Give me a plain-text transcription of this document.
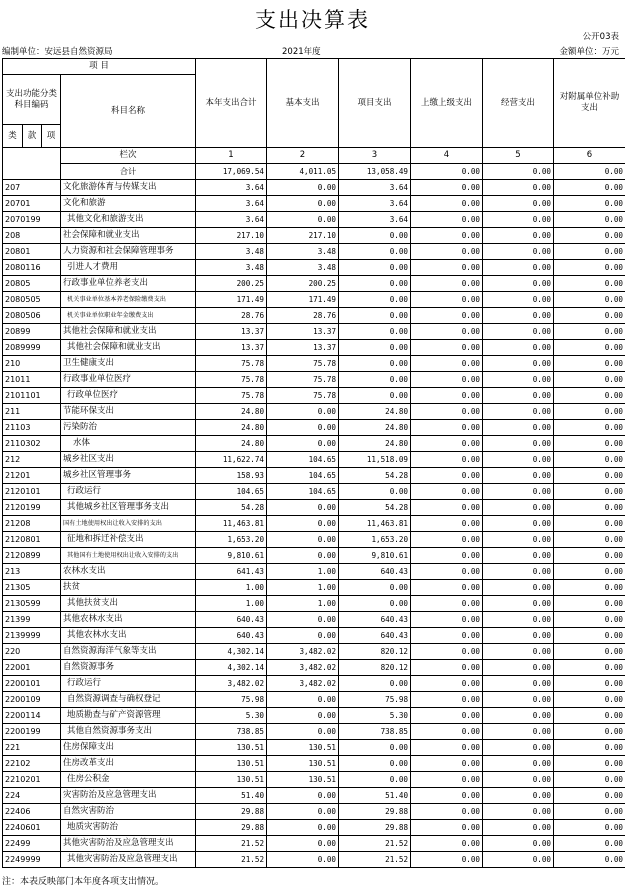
支出决算表
公开03表
编制单位：安远县自然资源局	2021年度	金额单位：万元
项 目				本年支出合计	基本支出	项目支出	上缴上级支出	经营支出	对附属单位补助支出
支出功能分类科目编码			科目名称						
类	款	项							
			栏次	1	2	3	4	5	6
			合计	17,069.54	4,011.05	13,058.49	0.00	0.00	0.00
207			文化旅游体育与传媒支出	3.64	0.00	3.64	0.00	0.00	0.00
20701			文化和旅游	3.64	0.00	3.64	0.00	0.00	0.00
2070199			其他文化和旅游支出	3.64	0.00	3.64	0.00	0.00	0.00
208			社会保障和就业支出	217.10	217.10	0.00	0.00	0.00	0.00
20801			人力资源和社会保障管理事务	3.48	3.48	0.00	0.00	0.00	0.00
2080116			引进人才费用	3.48	3.48	0.00	0.00	0.00	0.00
20805			行政事业单位养老支出	200.25	200.25	0.00	0.00	0.00	0.00
2080505			机关事业单位基本养老保险缴费支出	171.49	171.49	0.00	0.00	0.00	0.00
2080506			机关事业单位职业年金缴费支出	28.76	28.76	0.00	0.00	0.00	0.00
20899			其他社会保障和就业支出	13.37	13.37	0.00	0.00	0.00	0.00
2089999			其他社会保障和就业支出	13.37	13.37	0.00	0.00	0.00	0.00
210			卫生健康支出	75.78	75.78	0.00	0.00	0.00	0.00
21011			行政事业单位医疗	75.78	75.78	0.00	0.00	0.00	0.00
2101101			行政单位医疗	75.78	75.78	0.00	0.00	0.00	0.00
211			节能环保支出	24.80	0.00	24.80	0.00	0.00	0.00
21103			污染防治	24.80	0.00	24.80	0.00	0.00	0.00
2110302			水体	24.80	0.00	24.80	0.00	0.00	0.00
212			城乡社区支出	11,622.74	104.65	11,518.09	0.00	0.00	0.00
21201			城乡社区管理事务	158.93	104.65	54.28	0.00	0.00	0.00
2120101			行政运行	104.65	104.65	0.00	0.00	0.00	0.00
2120199			其他城乡社区管理事务支出	54.28	0.00	54.28	0.00	0.00	0.00
21208			国有土地使用权出让收入安排的支出	11,463.81	0.00	11,463.81	0.00	0.00	0.00
2120801			征地和拆迁补偿支出	1,653.20	0.00	1,653.20	0.00	0.00	0.00
2120899			其他国有土地使用权出让收入安排的支出	9,810.61	0.00	9,810.61	0.00	0.00	0.00
213			农林水支出	641.43	1.00	640.43	0.00	0.00	0.00
21305			扶贫	1.00	1.00	0.00	0.00	0.00	0.00
2130599			其他扶贫支出	1.00	1.00	0.00	0.00	0.00	0.00
21399			其他农林水支出	640.43	0.00	640.43	0.00	0.00	0.00
2139999			其他农林水支出	640.43	0.00	640.43	0.00	0.00	0.00
220			自然资源海洋气象等支出	4,302.14	3,482.02	820.12	0.00	0.00	0.00
22001			自然资源事务	4,302.14	3,482.02	820.12	0.00	0.00	0.00
2200101			行政运行	3,482.02	3,482.02	0.00	0.00	0.00	0.00
2200109			自然资源调查与确权登记	75.98	0.00	75.98	0.00	0.00	0.00
2200114			地质勘查与矿产资源管理	5.30	0.00	5.30	0.00	0.00	0.00
2200199			其他自然资源事务支出	738.85	0.00	738.85	0.00	0.00	0.00
221			住房保障支出	130.51	130.51	0.00	0.00	0.00	0.00
22102			住房改革支出	130.51	130.51	0.00	0.00	0.00	0.00
2210201			住房公积金	130.51	130.51	0.00	0.00	0.00	0.00
224			灾害防治及应急管理支出	51.40	0.00	51.40	0.00	0.00	0.00
22406			自然灾害防治	29.88	0.00	29.88	0.00	0.00	0.00
2240601			地质灾害防治	29.88	0.00	29.88	0.00	0.00	0.00
22499			其他灾害防治及应急管理支出	21.52	0.00	21.52	0.00	0.00	0.00
2249999			其他灾害防治及应急管理支出	21.52	0.00	21.52	0.00	0.00	0.00
注：本表反映部门本年度各项支出情况。
